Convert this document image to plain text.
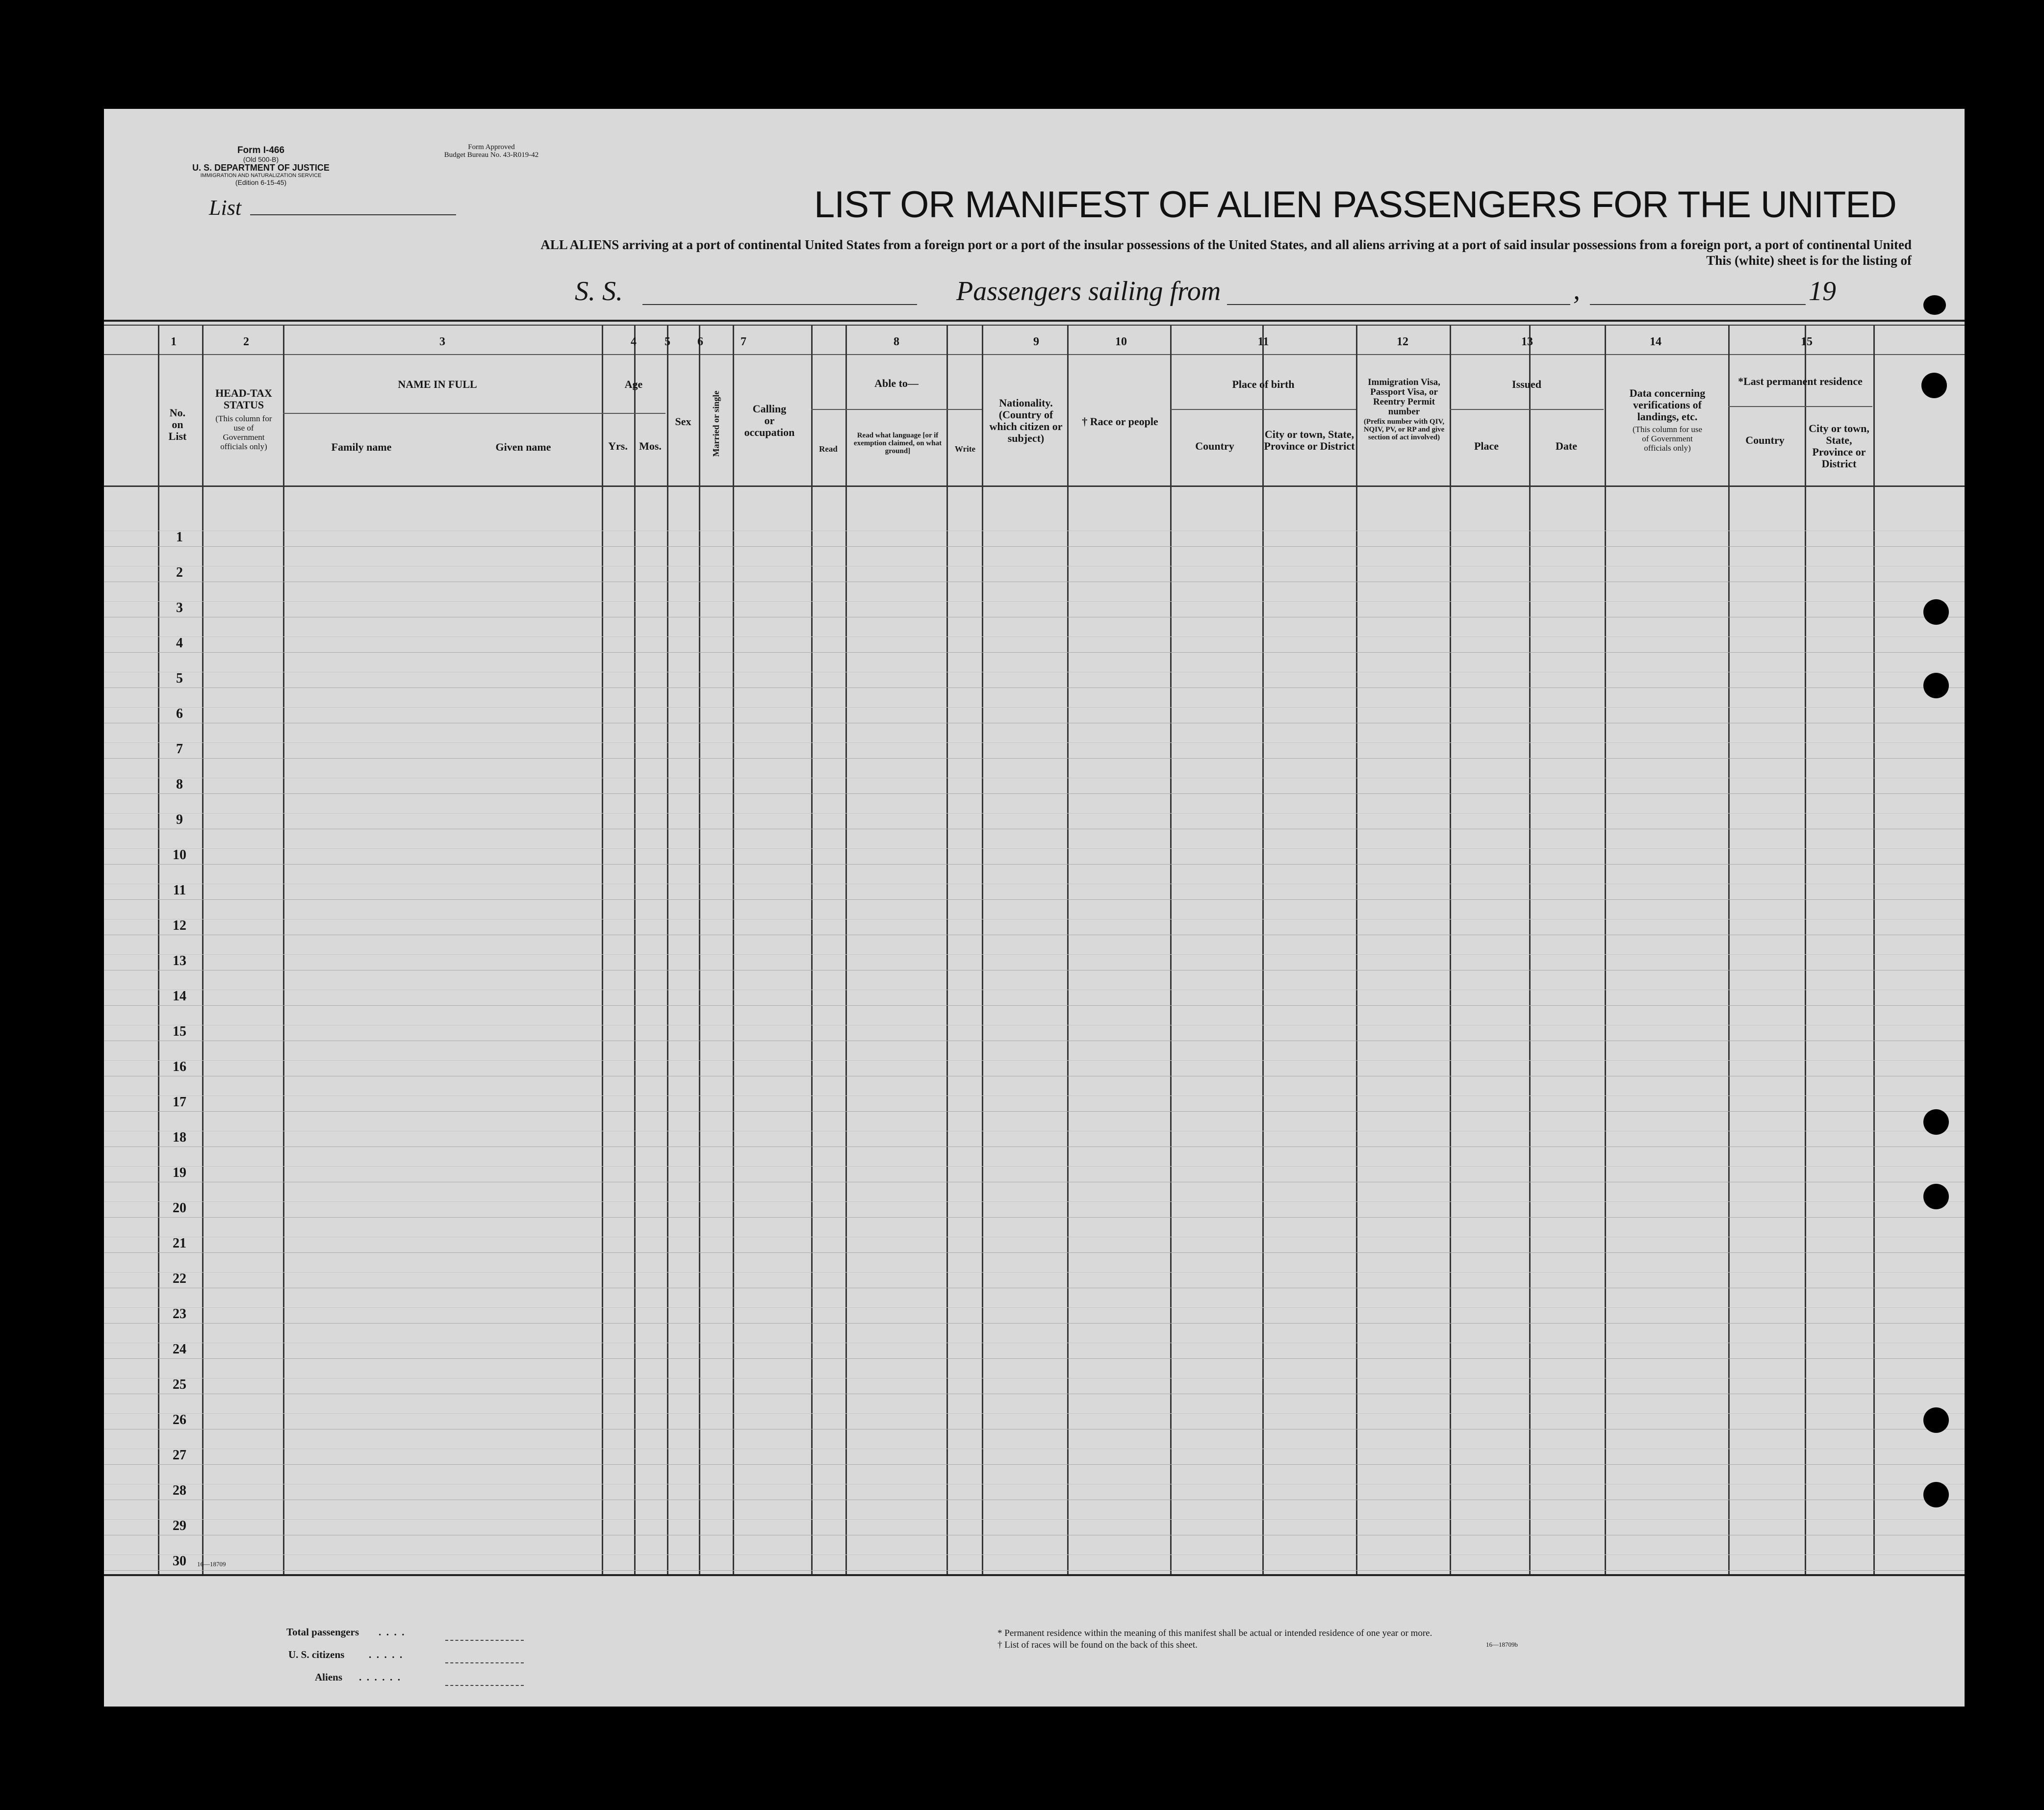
Form I-466
(Old 500-B)
U. S. DEPARTMENT OF JUSTICE
IMMIGRATION AND NATURALIZATION SERVICE
(Edition 6-15-45)
Form Approved
Budget Bureau No. 43-R019-42
List	LIST OR MANIFEST OF ALIEN PASSENGERS FOR THE UNITED
ALL ALIENS arriving at a port of continental United States from a foreign port or a port of the insular possessions of the United States, and all aliens arriving at a port of said insular possessions from a foreign port, a port of continental United
This (white) sheet is for the listing of
S. S.	Passengers sailing from	,	19
1	2	3	4	5	6	7	8	9	10	11	12	13	14	15
No.
on
List
HEAD-TAX STATUS
(This column for use of Government officials only)
NAME IN FULL
Family name	Given name
Age
Yrs.	Mos.
Sex	Married or single	Calling
or
occupation
Able to—
Read
Read what language [or if exemption claimed, on what ground]	Write
Nationality. (Country of which citizen or subject)
† Race or people
Place of birth
Country
City or town, State, Province or District
Immigration Visa, Passport Visa, or Reentry Permit number
(Prefix number with QIV, NQIV, PV, or RP and give section of act involved)
Issued
Place	Date
Data concerning verifications of landings, etc.
(This column for use of Government officials only)
*Last permanent residence
Country
City or town, State, Province or District
1
2
3
4
5
6
7
8
9
10
11
12
13
14
15
16
17
18
19
20
21
22
23
24
25
26
27
28
29
30	16—18709
Total passengers .  .  .  .
U. S. citizens .  .  .  .  .
Aliens .  .  .  .  .  .
* Permanent residence within the meaning of this manifest shall be actual or intended residence of one year or more.
† List of races will be found on the back of this sheet.	16—18709b
